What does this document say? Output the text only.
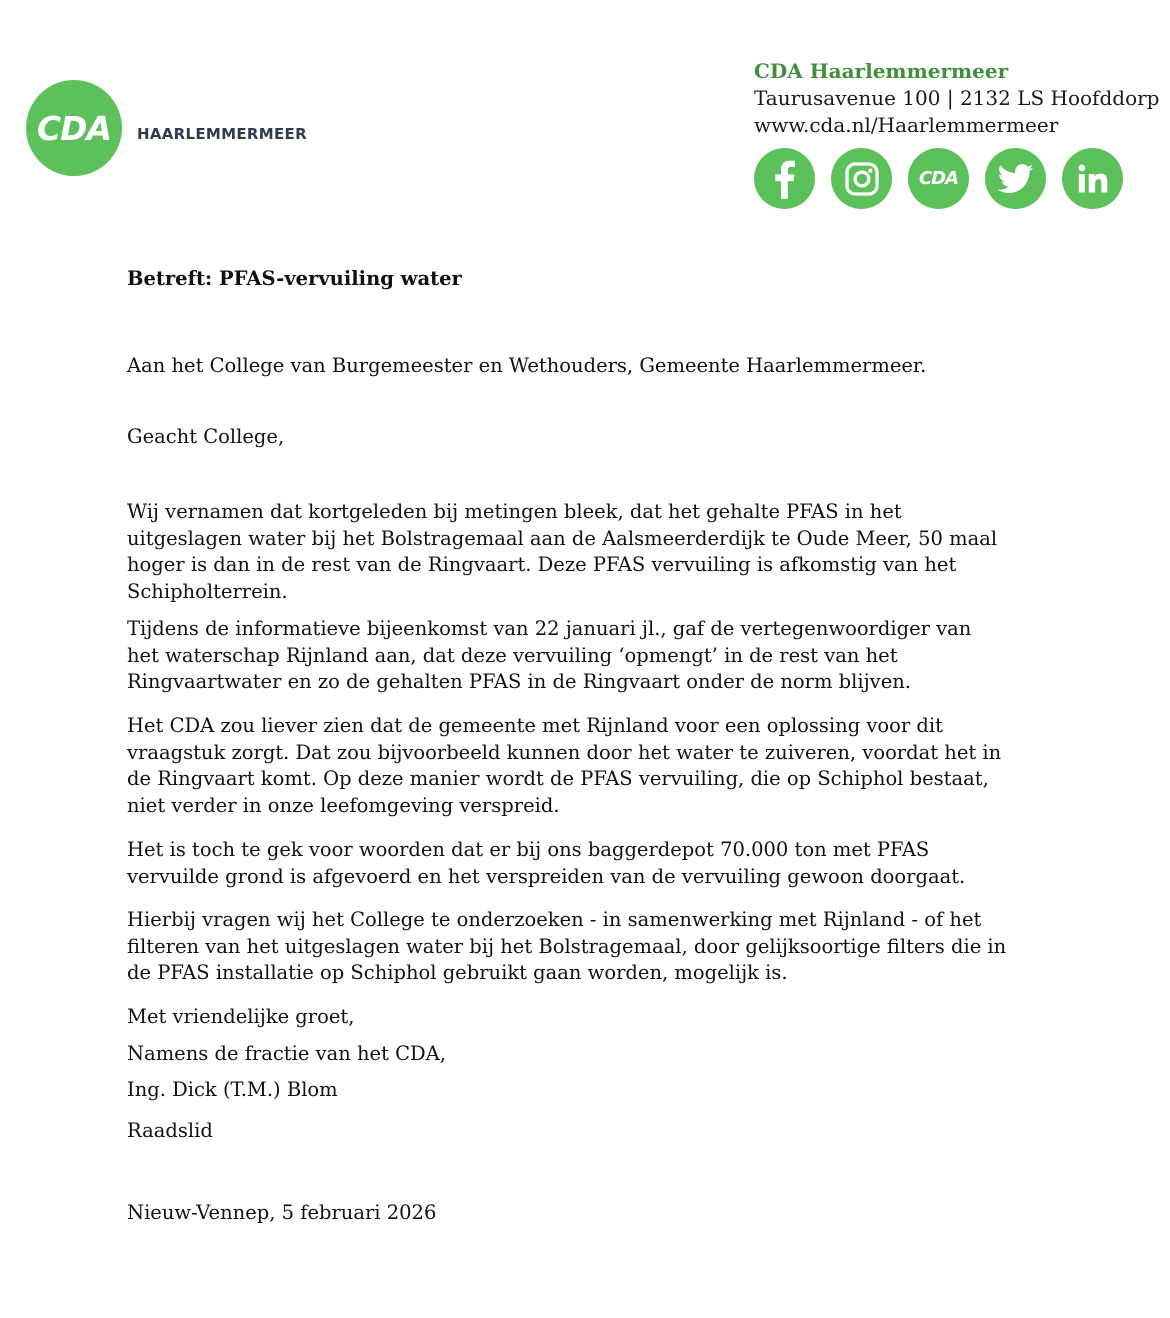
CDA	HAARLEMMERMEER
CDA Haarlemmermeer
Taurusavenue 100 | 2132 LS Hoofddorp
www.cda.nl/Haarlemmermeer
CDA
Betreft: PFAS-vervuiling water

Aan het College van Burgemeester en Wethouders, Gemeente Haarlemmermeer.

Geacht College,

Wij vernamen dat kortgeleden bij metingen bleek, dat het gehalte PFAS in het uitgeslagen water bij het Bolstragemaal aan de Aalsmeerderdijk te Oude Meer, 50 maal hoger is dan in de rest van de Ringvaart. Deze PFAS vervuiling is afkomstig van het Schipholterrein.

Tijdens de informatieve bijeenkomst van 22 januari jl., gaf de vertegenwoordiger van het waterschap Rijnland aan, dat deze vervuiling ‘opmengt’ in de rest van het Ringvaartwater en zo de gehalten PFAS in de Ringvaart onder de norm blijven.

Het CDA zou liever zien dat de gemeente met Rijnland voor een oplossing voor dit vraagstuk zorgt. Dat zou bijvoorbeeld kunnen door het water te zuiveren, voordat het in de Ringvaart komt. Op deze manier wordt de PFAS vervuiling, die op Schiphol bestaat, niet verder in onze leefomgeving verspreid.

Het is toch te gek voor woorden dat er bij ons baggerdepot 70.000 ton met PFAS vervuilde grond is afgevoerd en het verspreiden van de vervuiling gewoon doorgaat.

Hierbij vragen wij het College te onderzoeken - in samenwerking met Rijnland - of het filteren van het uitgeslagen water bij het Bolstragemaal, door gelijksoortige filters die in de PFAS installatie op Schiphol gebruikt gaan worden, mogelijk is.

Met vriendelijke groet,

Namens de fractie van het CDA,

Ing. Dick (T.M.) Blom

Raadslid

Nieuw-Vennep, 5 februari 2026
